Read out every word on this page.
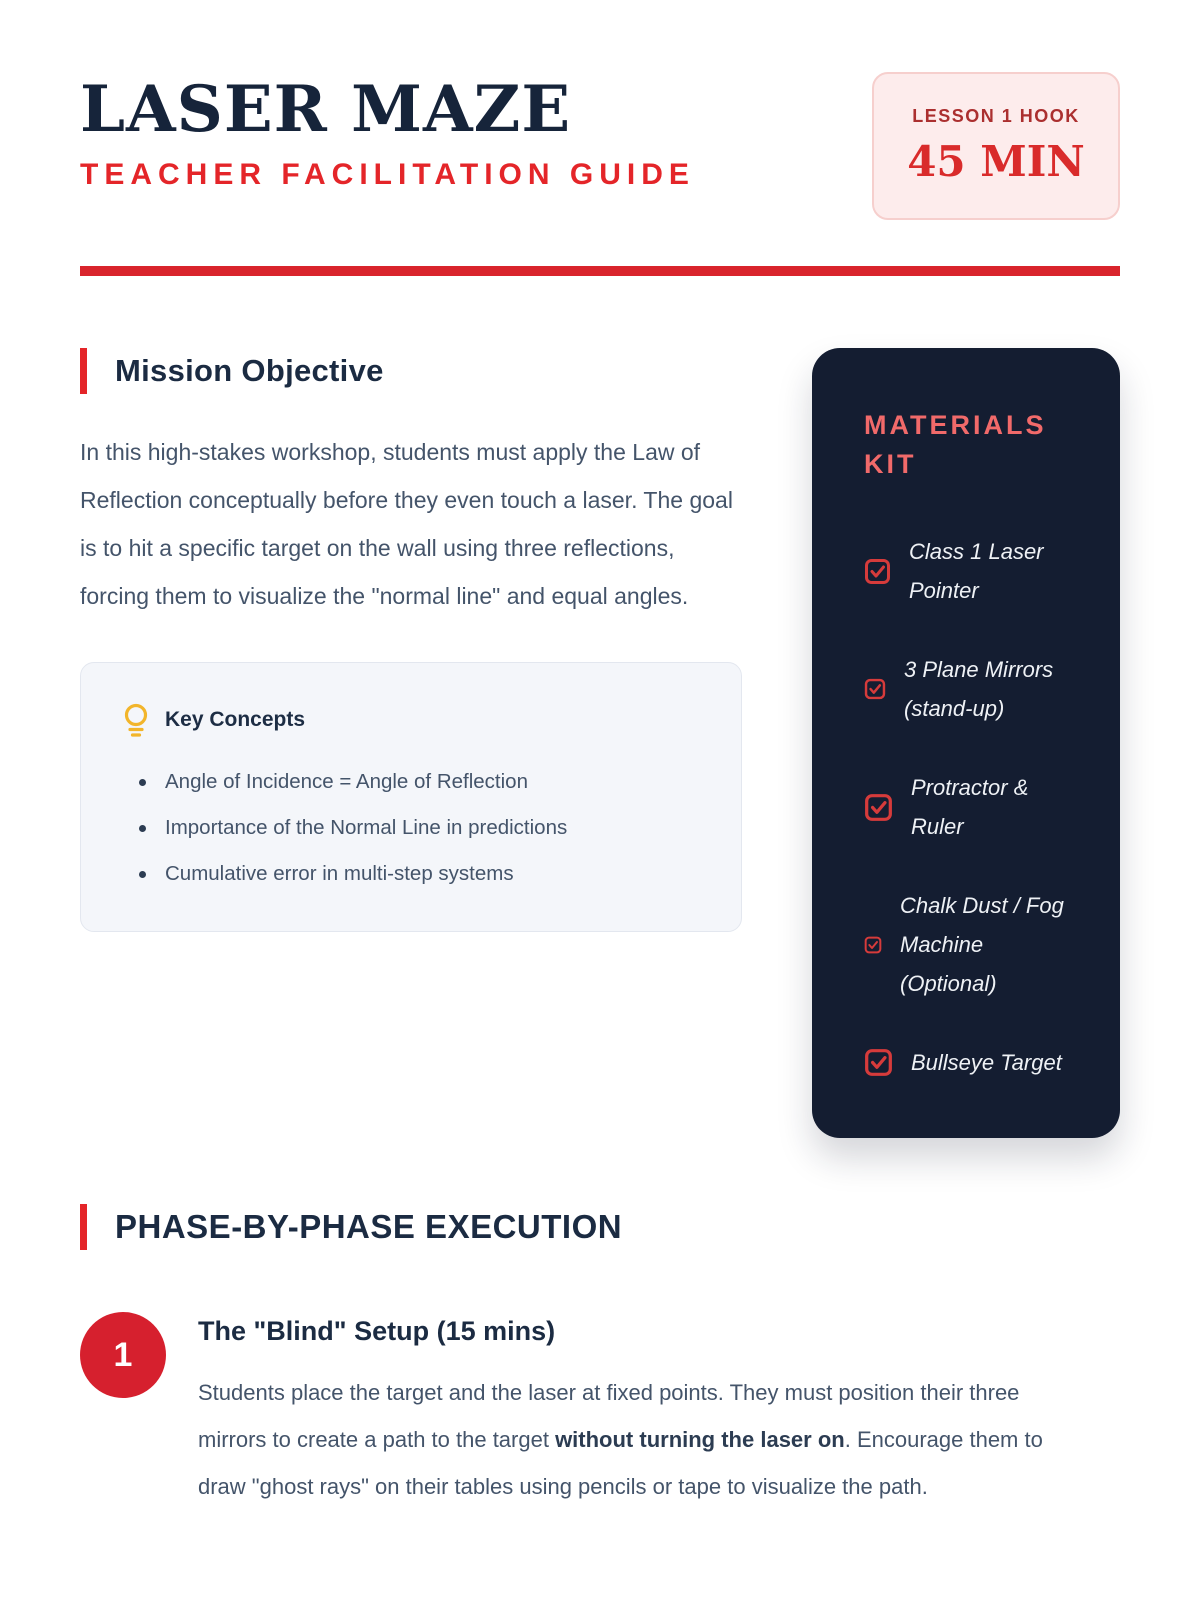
LASER MAZE
TEACHER FACILITATION GUIDE
LESSON 1 HOOK
45 MIN
Mission Objective

In this high-stakes workshop, students must apply the Law of Reflection conceptually before they even touch a laser. The goal is to hit a specific target on the wall using three reflections, forcing them to visualize the "normal line" and equal angles.

Key Concepts
Angle of Incidence = Angle of Reflection
Importance of the Normal Line in predictions
Cumulative error in multi-step systems
MATERIALS KIT
Class 1 Laser Pointer
3 Plane Mirrors (stand-up)
Protractor & Ruler
Chalk Dust / Fog Machine (Optional)
Bullseye Target
PHASE-BY-PHASE EXECUTION
1
The "Blind" Setup (15 mins)

Students place the target and the laser at fixed points. They must position their three mirrors to create a path to the target without turning the laser on. Encourage them to draw "ghost rays" on their tables using pencils or tape to visualize the path.
